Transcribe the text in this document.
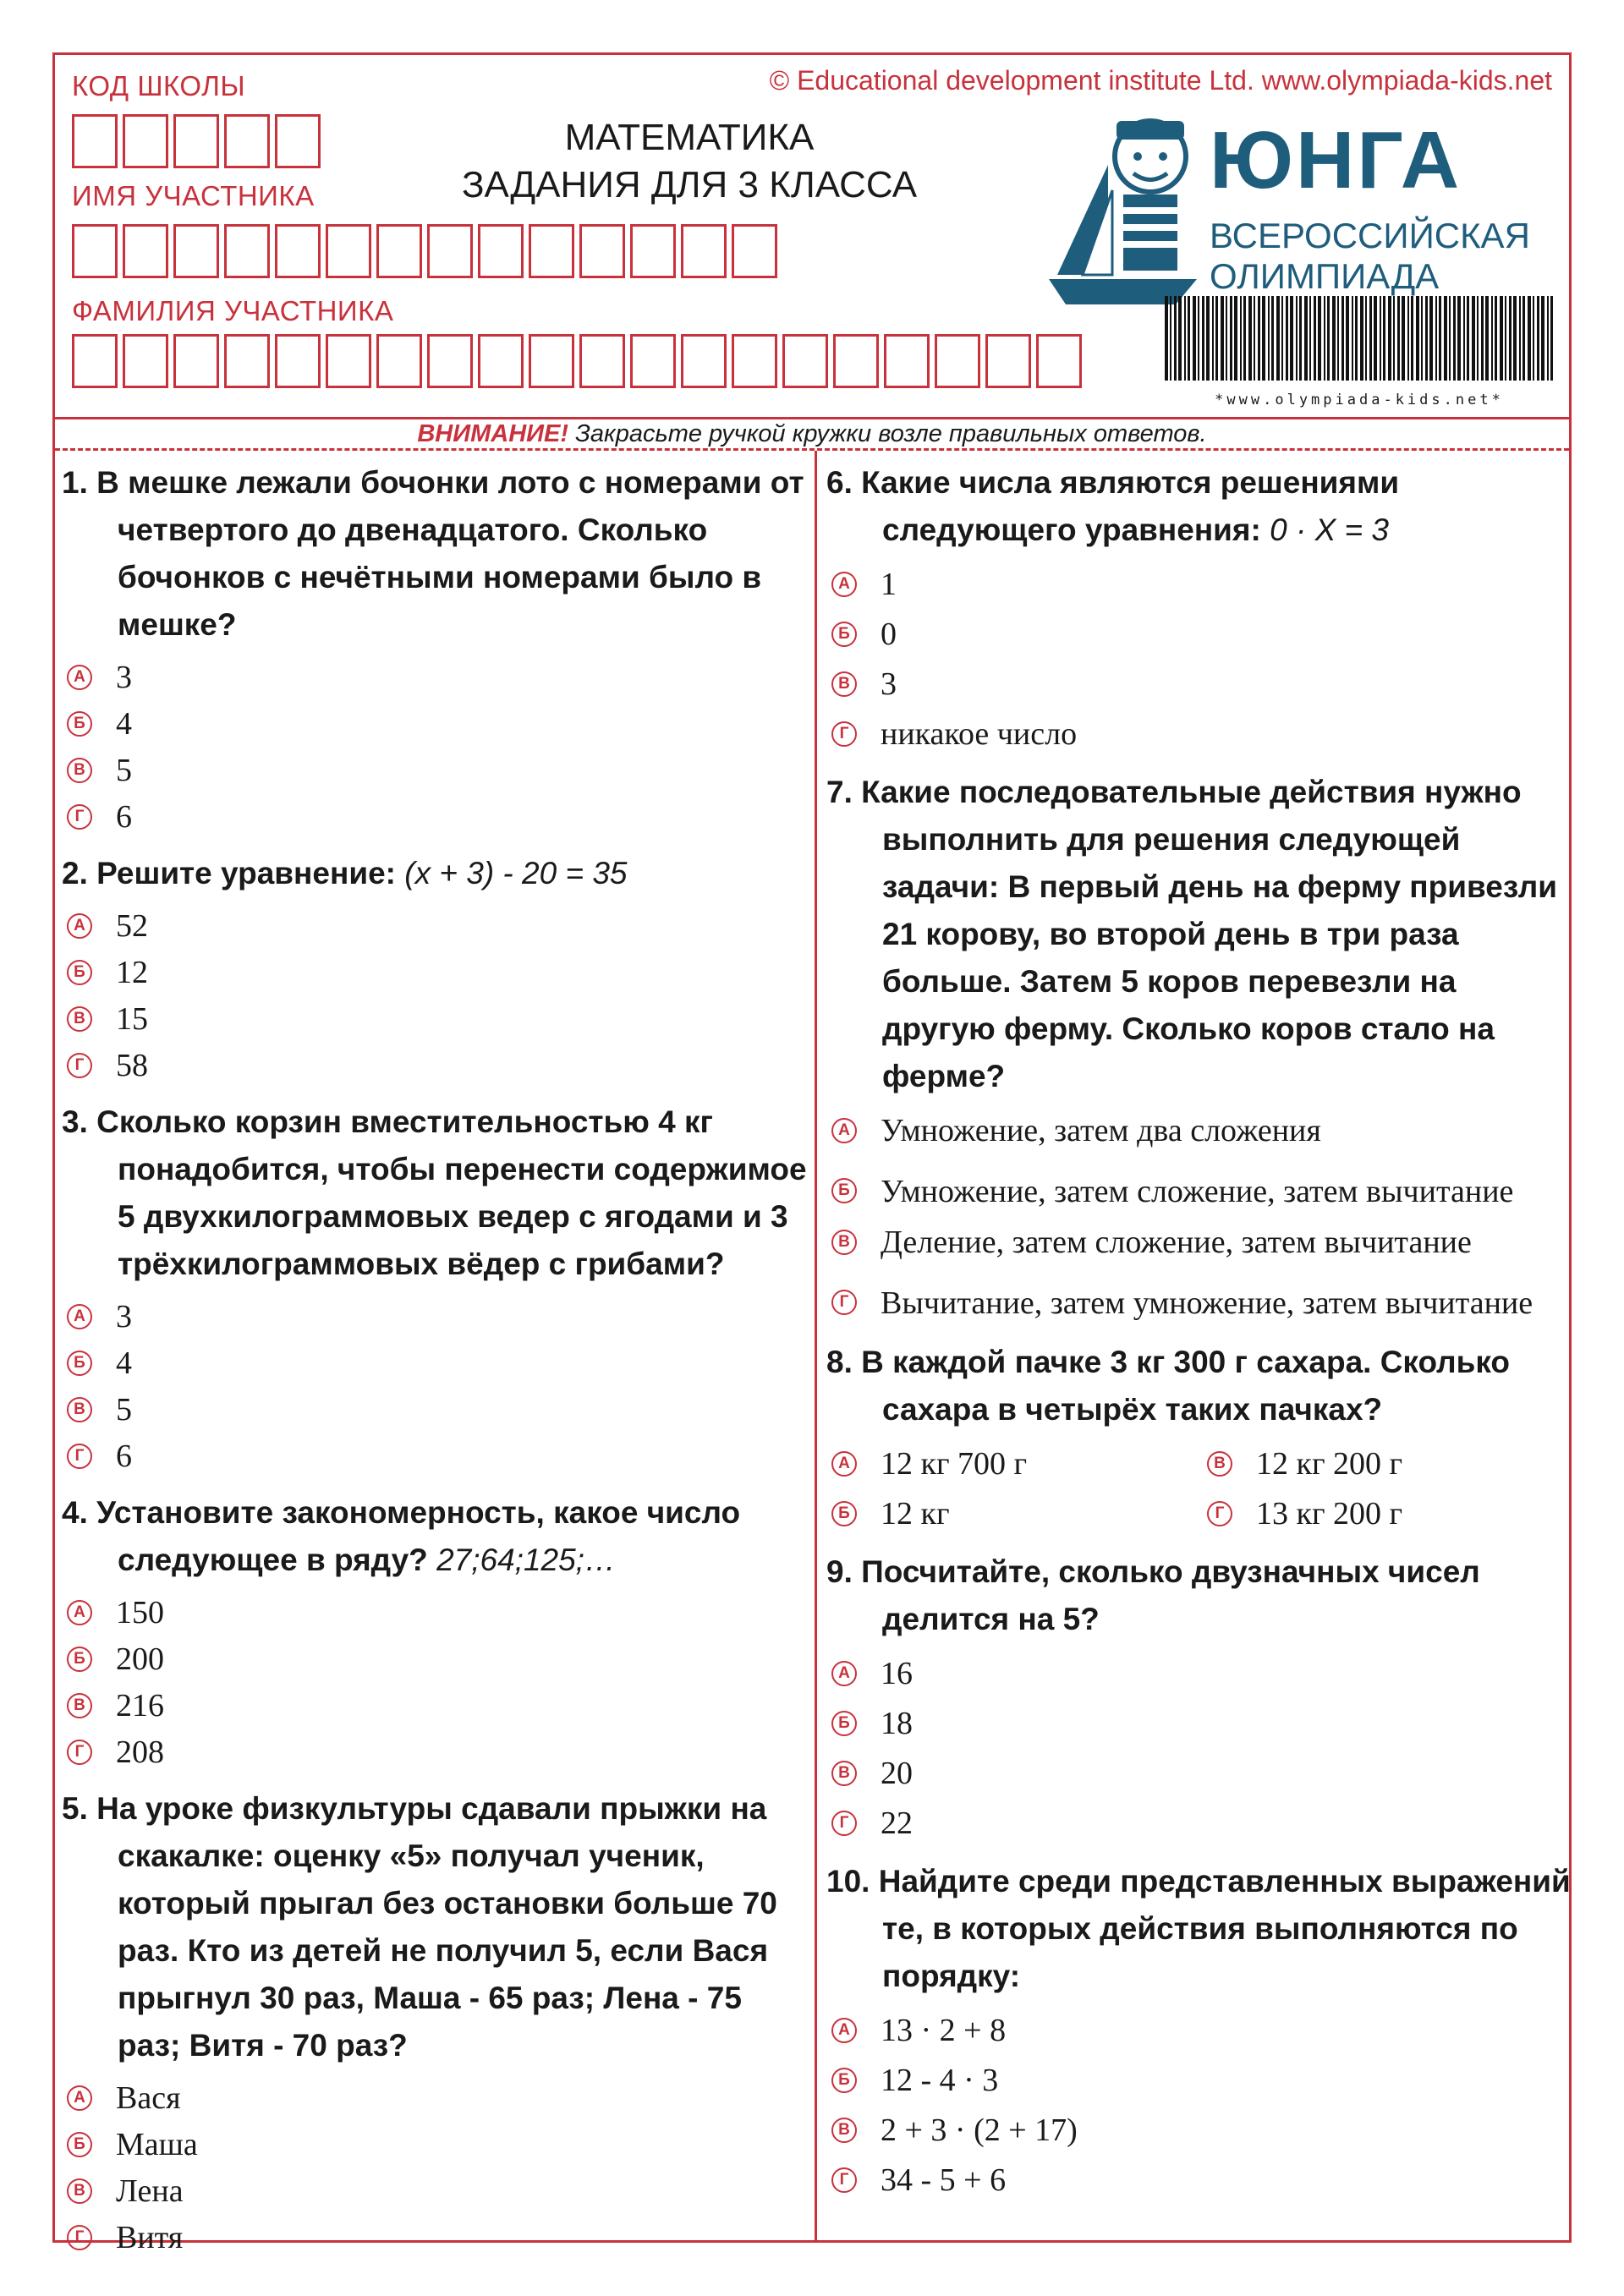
КОД ШКОЛЫ
ИМЯ УЧАСТНИКА
ФАМИЛИЯ УЧАСТНИКА
© Educational development institute Ltd. www.olympiada-kids.net
МАТЕМАТИКА
ЗАДАНИЯ ДЛЯ 3 КЛАССА	ЮНГА
ВСЕРОССИЙСКАЯ
ОЛИМПИАДА
*www.olympiada-kids.net*
ВНИМАНИЕ! Закрасьте ручкой кружки возле правильных ответов.

1. В мешке лежали бочонки лото с номерами от четвертого до двенадцатого. Сколько бочонков с нечётными номерами было в мешке?

А 3
Б 4
В 5
Г 6

2. Решите уравнение: (x + 3) - 20 = 35

А 52
Б 12
В 15
Г 58

3. Сколько корзин вместительностью 4 кг понадобится, чтобы перенести содержимое 5 двухкилограммовых ведер с ягодами и 3 трёхкилограммовых вёдер с грибами?

А 3
Б 4
В 5
Г 6

4. Установите закономерность, какое число следующее в ряду? 27;64;125;…

А 150
Б 200
В 216
Г 208

5. На уроке физкультуры сдавали прыжки на скакалке: оценку «5» получал ученик, который прыгал без остановки больше 70 раз. Кто из детей не получил 5, если Вася прыгнул 30 раз, Маша - 65 раз; Лена - 75 раз; Витя - 70 раз?

А Вася
Б Маша
В Лена
Г Витя

6. Какие числа являются решениями следующего уравнения: 0 · X = 3

А 1
Б 0
В 3
Г никакое число

7. Какие последовательные действия нужно выполнить для решения следующей задачи: В первый день на ферму привезли 21 корову, во второй день в три раза больше. Затем 5 коров перевезли на другую ферму. Сколько коров стало на ферме?

А Умножение, затем два сложения
Б Умножение, затем сложение, затем вычитание
В Деление, затем сложение, затем вычитание
Г Вычитание, затем умножение, затем вычитание

8. В каждой пачке 3 кг 300 г сахара. Сколько сахара в четырёх таких пачках?

А 12 кг 700 г	В 12 кг 200 г
Б 12 кг	Г 13 кг 200 г

9. Посчитайте, сколько двузначных чисел делится на 5?

А 16
Б 18
В 20
Г 22

10. Найдите среди представленных выражений те, в которых действия выполняются по порядку:

А 13 · 2 + 8
Б 12 - 4 · 3
В 2 + 3 · (2 + 17)
Г 34 - 5 + 6
